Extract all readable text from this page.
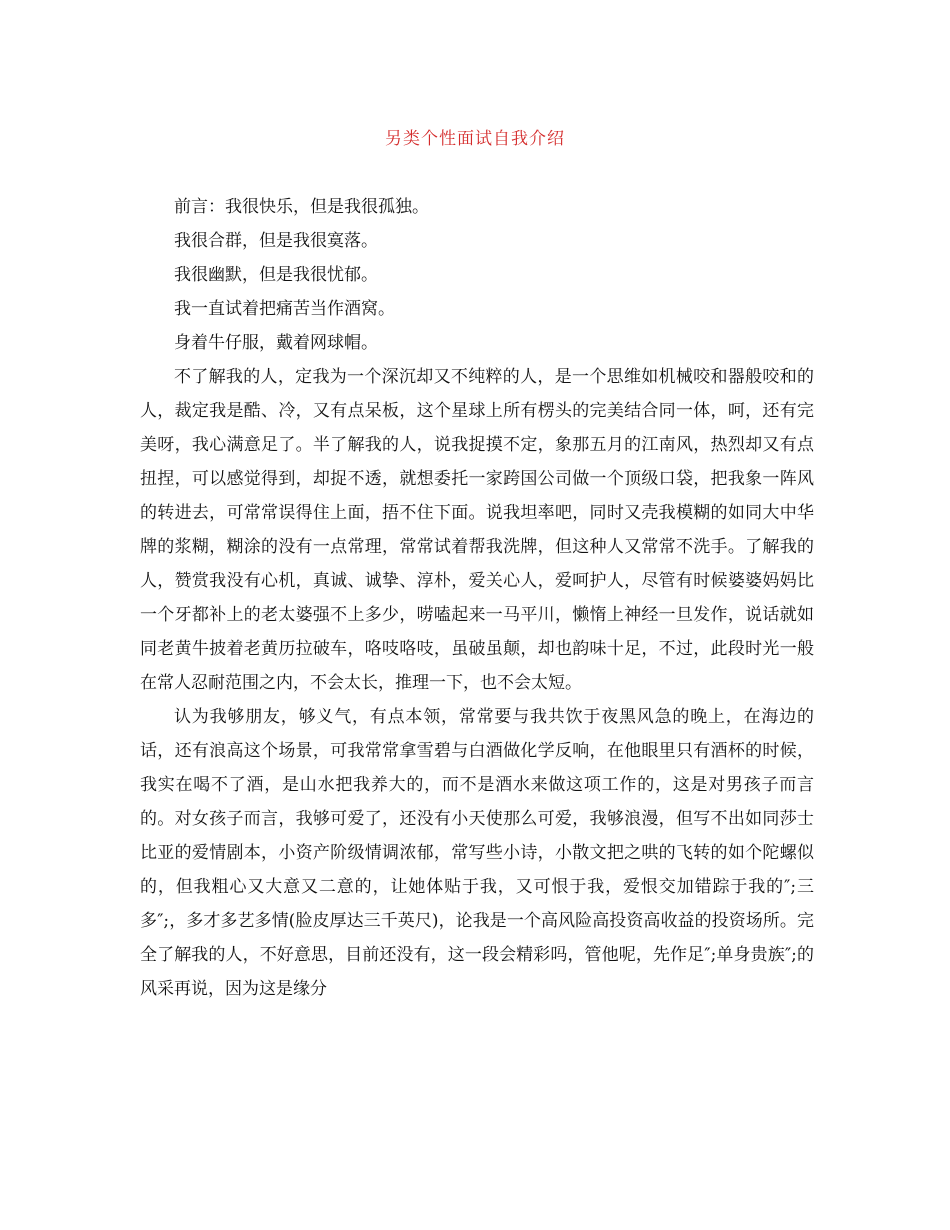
另类个性面试自我介绍

前言：我很快乐，但是我很孤独。

我很合群，但是我很寞落。

我很幽默，但是我很忧郁。

我一直试着把痛苦当作酒窝。

身着牛仔服，戴着网球帽。

不了解我的人，定我为一个深沉却又不纯粹的人，是一个思维如机械咬和器般咬和的人，裁定我是酷、冷，又有点呆板，这个星球上所有楞头的完美结合同一体，呵，还有完美呀，我心满意足了。半了解我的人，说我捉摸不定，象那五月的江南风，热烈却又有点扭捏，可以感觉得到，却捉不透，就想委托一家跨国公司做一个顶级口袋，把我象一阵风的转进去，可常常误得住上面，捂不住下面。说我坦率吧，同时又壳我模糊的如同大中华牌的浆糊，糊涂的没有一点常理，常常试着帮我洗牌，但这种人又常常不洗手。了解我的人，赞赏我没有心机，真诚、诚挚、淳朴，爱关心人，爱呵护人，尽管有时候婆婆妈妈比一个牙都补上的老太婆强不上多少，唠嗑起来一马平川，懒惰上神经一旦发作，说话就如同老黄牛披着老黄历拉破车，咯吱咯吱，虽破虽颠，却也韵味十足，不过，此段时光一般在常人忍耐范围之内，不会太长，推理一下，也不会太短。

认为我够朋友，够义气，有点本领，常常要与我共饮于夜黑风急的晚上，在海边的话，还有浪高这个场景，可我常常拿雪碧与白酒做化学反响，在他眼里只有酒杯的时候，我实在喝不了酒，是山水把我养大的，而不是酒水来做这项工作的，这是对男孩子而言的。对女孩子而言，我够可爱了，还没有小天使那么可爱，我够浪漫，但写不出如同莎士比亚的爱情剧本，小资产阶级情调浓郁，常写些小诗，小散文把之哄的飞转的如个陀螺似的，但我粗心又大意又二意的，让她体贴于我，又可恨于我，爱恨交加错踪于我的″;三多″;，多才多艺多情(脸皮厚达三千英尺)，论我是一个高风险高投资高收益的投资场所。完全了解我的人，不好意思，目前还没有，这一段会精彩吗，管他呢，先作足″;单身贵族″;的风采再说，因为这是缘分
